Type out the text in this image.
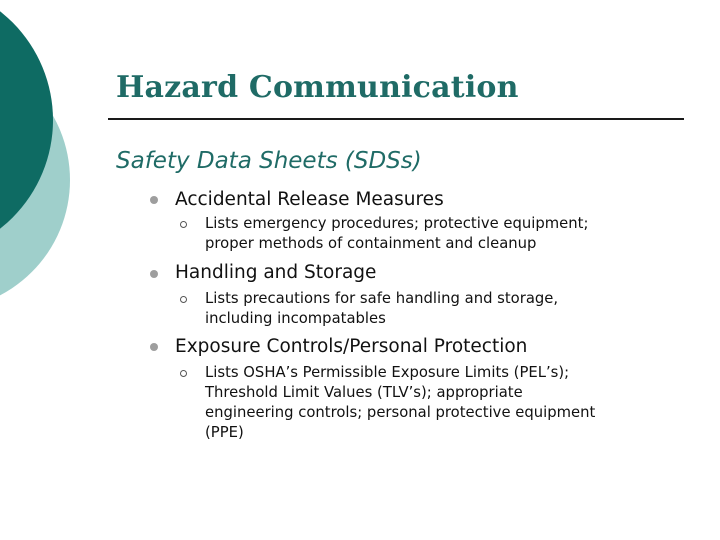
Hazard Communication
Safety Data Sheets (SDSs)
Accidental Release Measures
Lists emergency procedures; protective equipment;
proper methods of containment and cleanup
Handling and Storage
Lists precautions for safe handling and storage,
including incompatables
Exposure Controls/Personal Protection
Lists OSHA’s Permissible Exposure Limits (PEL’s);
Threshold Limit Values (TLV’s); appropriate
engineering controls; personal protective equipment
(PPE)
